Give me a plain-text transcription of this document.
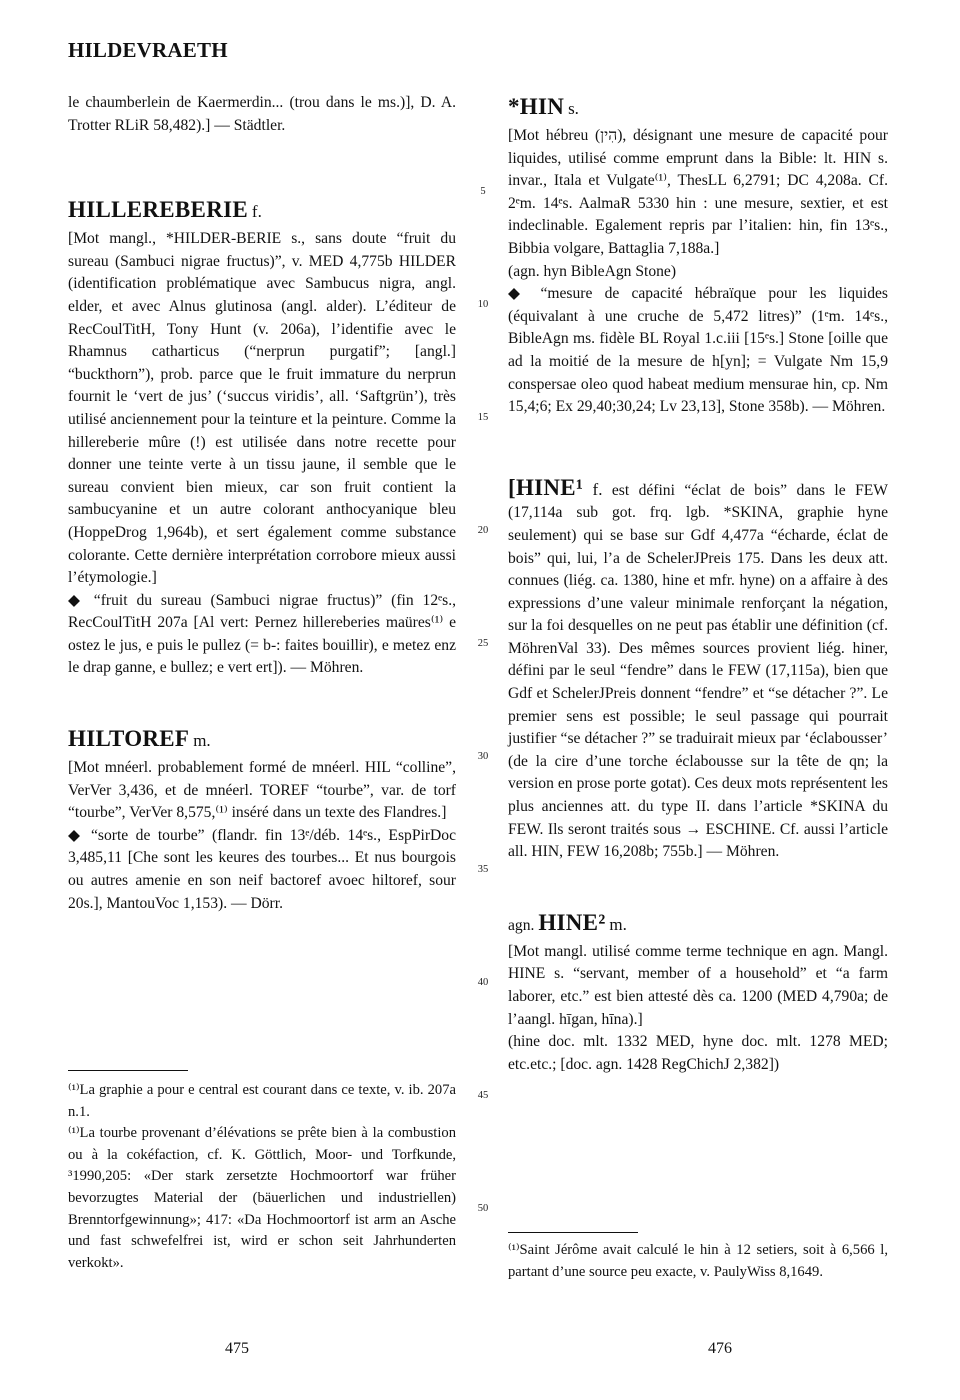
HILDEVRAETH

le chaumberlein de Kaermerdin... (trou dans le ms.)], D. A. Trotter RLiR 58,482).] — Städtler.

HILLEREBERIE f.

[Mot mangl., *HILDER-BERIE s., sans doute “fruit du sureau (Sambuci nigrae fructus)”, v. MED 4,775b HILDER (identification problématique avec Sambucus nigra, angl. elder, et avec Alnus glutinosa (angl. alder). L’éditeur de RecCoulTitH, Tony Hunt (v. 206a), l’identifie avec le Rhamnus catharticus (“nerprun purgatif”; [angl.] “buckthorn”), prob. parce que le fruit immature du nerprun fournit le ‘vert de jus’ (‘succus viridis’, all. ‘Saftgrün’), très utilisé anciennement pour la teinture et la peinture. Comme la hillereberie mûre (!) est utilisée dans notre recette pour donner une teinte verte à un tissu jaune, il semble que le sureau convient bien mieux, car son fruit contient la sambucyanine et un autre colorant anthocyanique bleu (HoppeDrog 1,964b), et sert également comme substance colorante. Cette dernière interprétation corrobore mieux aussi l’étymologie.]

◆ “fruit du sureau (Sambuci nigrae fructus)” (fin 12ᵉs., RecCoulTitH 207a [Al vert: Pernez hillereberies maüres⁽¹⁾ e ostez le jus, e puis le pullez (= b-: faites bouillir), e metez enz le drap ganne, e bullez; e vert ert]). — Möhren.

HILTOREF m.

[Mot mnéerl. probablement formé de mnéerl. HIL “colline”, VerVer 3,436, et de mnéerl. TOREF “tourbe”, var. de torf “tourbe”, VerVer 8,575,⁽¹⁾ inséré dans un texte des Flandres.]

◆ “sorte de tourbe” (flandr. fin 13ᵉ/déb. 14ᵉs., EspPirDoc 3,485,11 [Che sont les keures des tourbes... Et nus bourgois ou autres amenie en son neif bactoref avoec hiltoref, sour 20s.], MantouVoc 1,153). — Dörr.

⁽¹⁾La graphie a pour e central est courant dans ce texte, v. ib. 207a n.1.

⁽¹⁾La tourbe provenant d’élévations se prête bien à la combustion ou à la cokéfaction, cf. K. Göttlich, Moor- und Torfkunde, ³1990,205: «Der stark zersetzte Hochmoortorf war früher bevorzugtes Material der (bäuerlichen und industriellen) Brenntorfgewinnung»; 417: «Da Hochmoortorf ist arm an Asche und fast schwefelfrei ist, wird er schon seit Jahrhunderten verkokt».

*HIN s.

[Mot hébreu (הִין), désignant une mesure de capacité pour liquides, utilisé comme emprunt dans la Bible: lt. HIN s. invar., Itala et Vulgate⁽¹⁾, ThesLL 6,2791; DC 4,208a. Cf. 2ᵉm. 14ᵉs. AalmaR 5330 hin : une mesure, sextier, et est indeclinable. Egalement repris par l’italien: hin, fin 13ᵉs., Bibbia volgare, Battaglia 7,188a.]

(agn. hyn BibleAgn Stone)

◆ “mesure de capacité hébraïque pour les liquides (équivalant à une cruche de 5,472 litres)” (1ᵉm. 14ᵉs., BibleAgn ms. fidèle BL Royal 1.c.iii [15ᵉs.] Stone [oille que ad la moitié de la mesure de h[yn]; = Vulgate Nm 15,9 conspersae oleo quod habeat medium mensurae hin, cp. Nm 15,4;6; Ex 29,40;30,24; Lv 23,13], Stone 358b). — Möhren.

[HINE¹ f. est défini “éclat de bois” dans le FEW (17,114a sub got. frq. lgb. *SKINA, graphie hyne seulement) qui se base sur Gdf 4,477a “écharde, éclat de bois” qui, lui, l’a de SchelerJPreis 175. Dans les deux att. connues (liég. ca. 1380, hine et mfr. hyne) on a affaire à des expressions d’une valeur minimale renforçant la négation, sur la foi desquelles on ne peut pas établir une définition (cf. MöhrenVal 33). Des mêmes sources provient liég. hiner, défini par le seul “fendre” dans le FEW (17,115a), bien que Gdf et SchelerJPreis donnent “fendre” et “se détacher ?”. Le premier sens est possible; le seul passage qui pourrait justifier “se détacher ?” se traduirait mieux par ‘éclabousser’ (de la cire d’une torche éclabousse sur la tête de qn; la version en prose porte gotat). Ces deux mots représentent les plus anciennes att. du type II. dans l’article *SKINA du FEW. Ils seront traités sous → ESCHINE. Cf. aussi l’article all. HIN, FEW 16,208b; 755b.] — Möhren.

agn. HINE² m.

[Mot mangl. utilisé comme terme technique en agn. Mangl. HINE s. “servant, member of a household” et “a farm laborer, etc.” est bien attesté dès ca. 1200 (MED 4,790a; de l’aangl. hīgan, hīna).]

(hine doc. mlt. 1332 MED, hyne doc. mlt. 1278 MED; etc.etc.; [doc. agn. 1428 RegChichJ 2,382])

⁽¹⁾Saint Jérôme avait calculé le hin à 12 setiers, soit à 6,566 l, partant d’une source peu exacte, v. PaulyWiss 8,1649.

5
10
15
20
25
30
35
40
45
50
475	476
